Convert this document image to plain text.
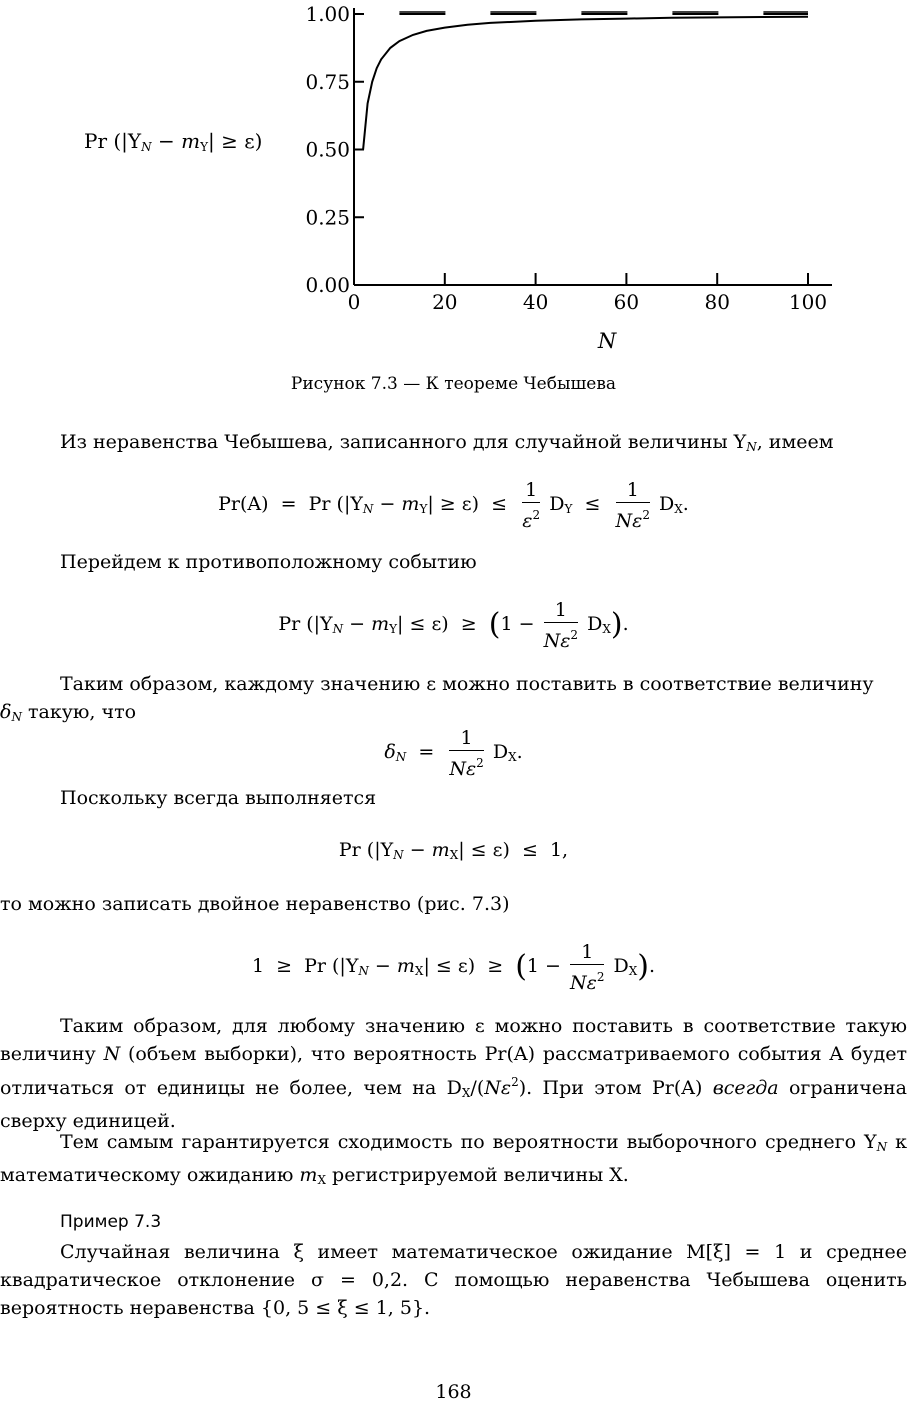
0.00
0.25
0.50
0.75
1.00
0	20	40	60	80	100
N
Pr $(|Y_N - m_Y| \ge \varepsilon)$
Рисунок 7.3 — К теореме Чебышева
Из неравенства Чебышева, записанного для случайной величины $Y_N$, имеем
Pr(A)  =  Pr $(|Y_N - m_Y| \ge \varepsilon) \le \frac{1}{\varepsilon^2} D_Y \le \frac{1}{N\varepsilon^2} D_X$.
Перейдем к противоположному событию
Pr $(|Y_N - m_Y| \le \varepsilon) \ge (1 - \frac{1}{N\varepsilon^2} D_X)$.
Таким образом, каждому значению ε можно поставить в соответствие величину
$\delta_N$ такую, что
$\delta_N = \frac{1}{N\varepsilon^2} D_X$.
Поскольку всегда выполняется
Pr $(|Y_N - m_X| \le \varepsilon) \le 1$,
то можно записать двойное неравенство (рис. 7.3)
1  ≥  Pr $(|Y_N - m_X| \le \varepsilon) \ge (1 - \frac{1}{N\varepsilon^2} D_X)$.
Таким образом, для любому значению ε можно поставить в соответствие такую величину N (объем выборки), что вероятность Pr(A) рассматриваемого события A будет отличаться от единицы не более, чем на $D_X/(N\varepsilon^2)$. При этом Pr(A) всегда ограничена сверху единицей.
Тем самым гарантируется сходимость по вероятности выборочного среднего $Y_N$ к математическому ожиданию $m_X$ регистрируемой величины X.
Пример 7.3
Случайная величина ξ имеет математическое ожидание M[ξ] = 1 и среднее квадратическое отклонение σ = 0,2. С помощью неравенства Чебышева оценить вероятность неравенства {0, 5 ≤ ξ ≤ 1, 5}.
168
